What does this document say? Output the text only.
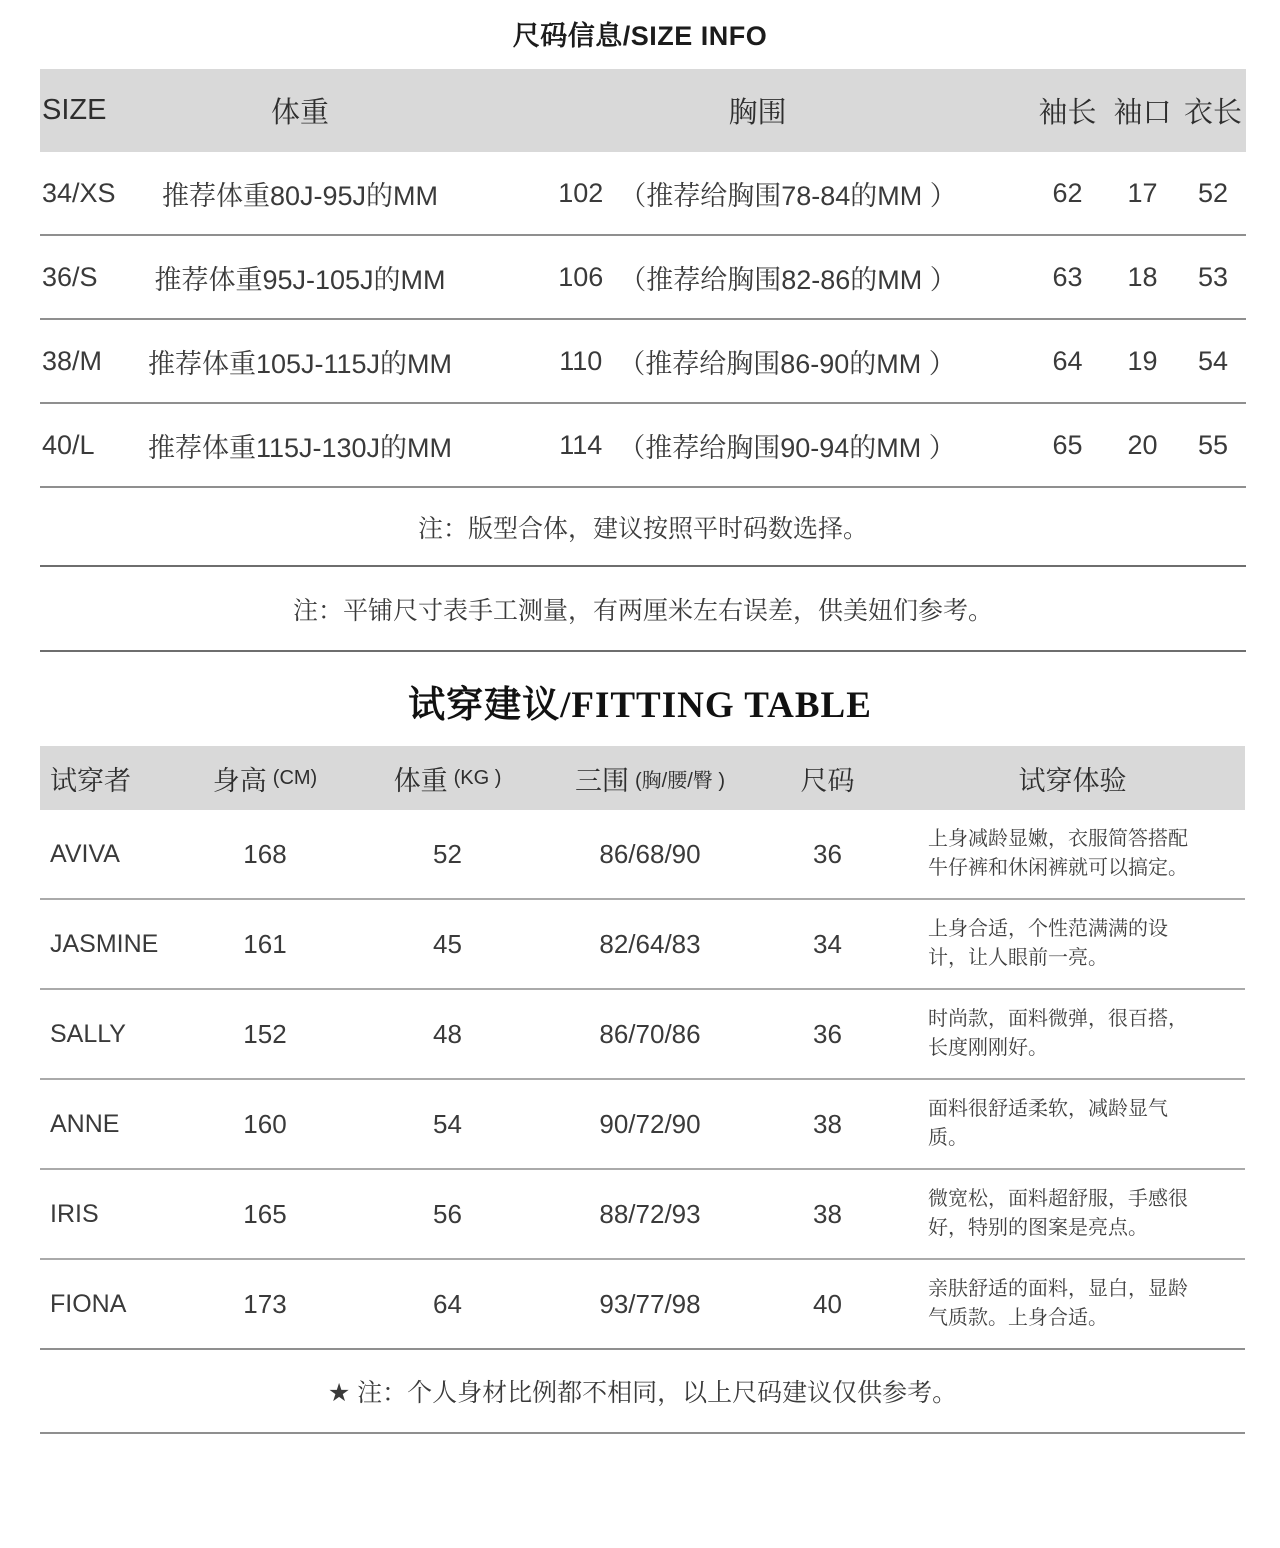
尺码信息/SIZE INFO
SIZE	体重	胸围	袖长 袖口 衣长
34/XS	推荐体重80J-95J的MM	102 （推荐给胸围78-84的MM ）	62	17	52
36/S	推荐体重95J-105J的MM	106 （推荐给胸围82-86的MM ）	63	18	53
38/M	推荐体重105J-115J的MM	110 （推荐给胸围86-90的MM ）	64	19	54
40/L	推荐体重115J-130J的MM	114 （推荐给胸围90-94的MM ）	65	20	55
注：版型合体，建议按照平时码数选择。
注：平铺尺寸表手工测量，有两厘米左右误差，供美妞们参考。
试穿建议/FITTING TABLE
试穿者	身高 (CM)	体重 (KG )	三围 (胸/腰/臀 )	尺码	试穿体验
AVIVA	168	52	86/68/90	36	上身减龄显嫩，衣服简答搭配牛仔裤和休闲裤就可以搞定。

JASMINE	161	45	82/64/83	34	上身合适，个性范满满的设计，让人眼前一亮。

SALLY	152	48	86/70/86	36	时尚款，面料微弹，很百搭，长度刚刚好。

ANNE	160	54	90/72/90	38	面料很舒适柔软，减龄显气质。

IRIS	165	56	88/72/93	38	微宽松，面料超舒服，手感很好，特别的图案是亮点。

FIONA	173	64	93/77/98	40	亲肤舒适的面料，显白，显龄气质款。上身合适。

★ 注：个人身材比例都不相同，以上尺码建议仅供参考。
